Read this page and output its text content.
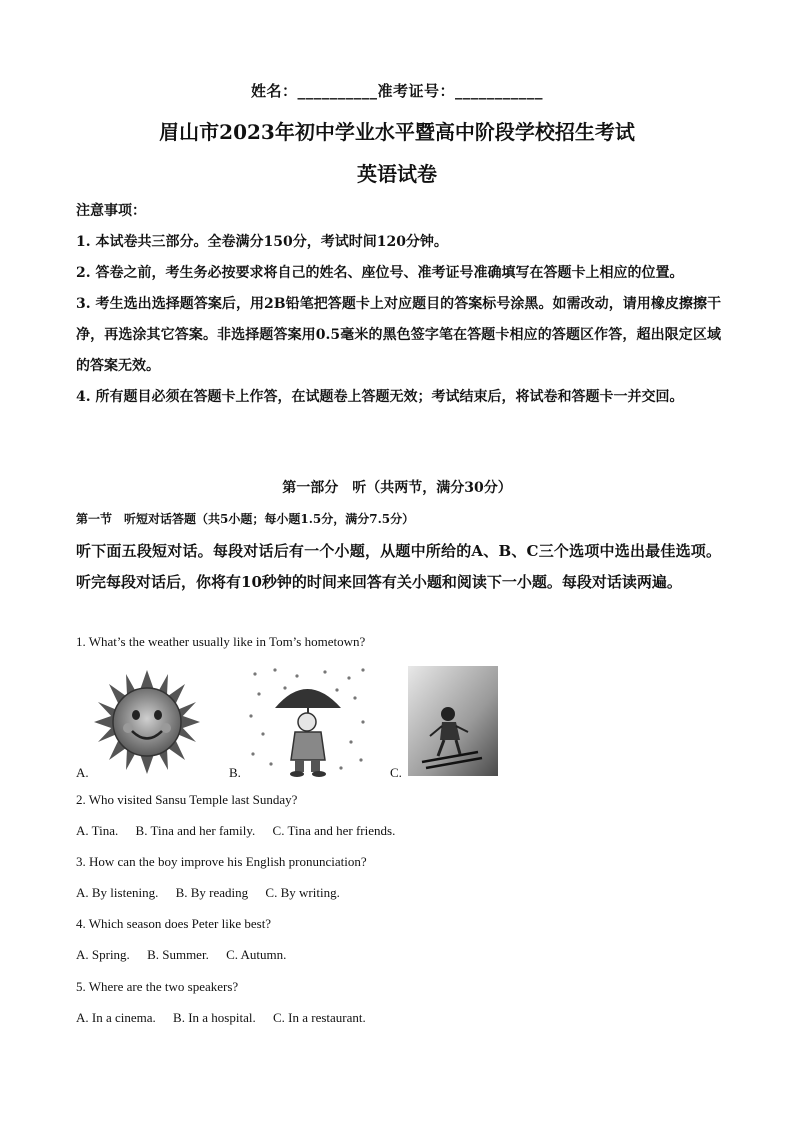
姓名：__________准考证号：___________
眉山市2023年初中学业水平暨高中阶段学校招生考试
英语试卷

注意事项：

1. 本试卷共三部分。全卷满分150分，考试时间120分钟。

2. 答卷之前，考生务必按要求将自己的姓名、座位号、准考证号准确填写在答题卡上相应的位置。

3. 考生选出选择题答案后，用2B铅笔把答题卡上对应题目的答案标号涂黑。如需改动，请用橡皮擦擦干净，再选涂其它答案。非选择题答案用0.5毫米的黑色签字笔在答题卡相应的答题区作答，超出限定区域的答案无效。

4. 所有题目必须在答题卡上作答，在试题卷上答题无效；考试结束后，将试卷和答题卡一并交回。

第一部分　听（共两节，满分30分）
第一节　听短对话答题（共5小题；每小题1.5分，满分7.5分）
听下面五段短对话。每段对话后有一个小题，从题中所给的A、B、C三个选项中选出最佳选项。听完每段对话后，你将有10秒钟的时间来回答有关小题和阅读下一小题。每段对话读两遍。
1. What’s the weather usually like in Tom’s hometown?
A.	B.	C.
2. Who visited Sansu Temple last Sunday?
A. Tina. B. Tina and her family. C. Tina and her friends.
3. How can the boy improve his English pronunciation?
A. By listening. B. By reading C. By writing.
4. Which season does Peter like best?
A. Spring. B. Summer. C. Autumn.
5. Where are the two speakers?
A. In a cinema. B. In a hospital. C. In a restaurant.
